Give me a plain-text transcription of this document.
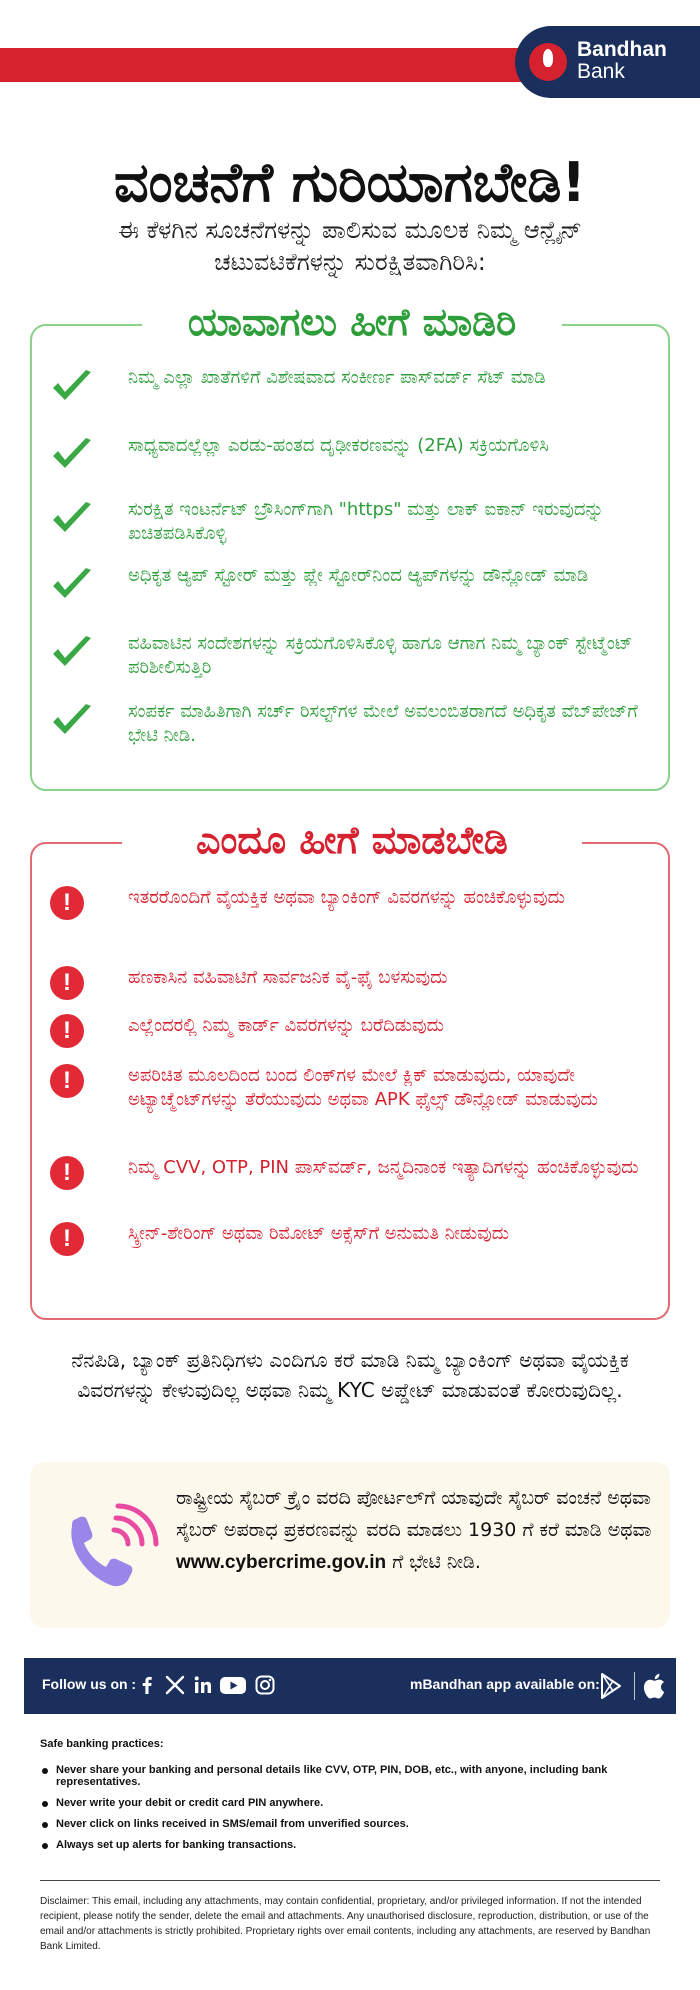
Bandhan
Bank
ವಂಚನೆಗೆ ಗುರಿಯಾಗಬೇಡಿ!
ಈ ಕೆಳಗಿನ ಸೂಚನೆಗಳನ್ನು ಪಾಲಿಸುವ ಮೂಲಕ ನಿಮ್ಮ ಆನ್ಲೈನ್ ಚಟುವಟಿಕೆಗಳನ್ನು ಸುರಕ್ಷಿತವಾಗಿರಿಸಿ:
ಯಾವಾಗಲು ಹೀಗೆ ಮಾಡಿರಿ
ನಿಮ್ಮ ಎಲ್ಲಾ ಖಾತೆಗಳಿಗೆ ವಿಶೇಷವಾದ ಸಂಕೀರ್ಣ ಪಾಸ್‌ವರ್ಡ್ ಸೆಟ್ ಮಾಡಿ
ಸಾಧ್ಯವಾದಲ್ಲೆಲ್ಲಾ ಎರಡು-ಹಂತದ ದೃಢೀಕರಣವನ್ನು (2FA) ಸಕ್ರಿಯಗೊಳಿಸಿ
ಸುರಕ್ಷಿತ ಇಂಟರ್ನೆಟ್ ಬ್ರೌಸಿಂಗ್‌ಗಾಗಿ "https" ಮತ್ತು ಲಾಕ್ ಐಕಾನ್ ಇರುವುದನ್ನು ಖಚಿತಪಡಿಸಿಕೊಳ್ಳಿ
ಅಧಿಕೃತ ಆ್ಯಪ್ ಸ್ಟೋರ್ ಮತ್ತು ಪ್ಲೇ ಸ್ಟೋರ್‌ನಿಂದ ಆ್ಯಪ್‌ಗಳನ್ನು ಡೌನ್ಲೋಡ್ ಮಾಡಿ
ವಹಿವಾಟಿನ ಸಂದೇಶಗಳನ್ನು ಸಕ್ರಿಯಗೊಳಿಸಿಕೊಳ್ಳಿ ಹಾಗೂ ಆಗಾಗ ನಿಮ್ಮ ಬ್ಯಾಂಕ್ ಸ್ಟೇಟ್ಮೆಂಟ್ ಪರಿಶೀಲಿಸುತ್ತಿರಿ
ಸಂಪರ್ಕ ಮಾಹಿತಿಗಾಗಿ ಸರ್ಚ್ ರಿಸಲ್ಟ್‌ಗಳ ಮೇಲೆ ಅವಲಂಬಿತರಾಗದೆ ಅಧಿಕೃತ ವೆಬ್‌ಪೇಜ್‌ಗೆ ಭೇಟಿ ನೀಡಿ.
ಎಂದೂ ಹೀಗೆ ಮಾಡಬೇಡಿ
!	ಇತರರೊಂದಿಗೆ ವೈಯಕ್ತಿಕ ಅಥವಾ ಬ್ಯಾಂಕಿಂಗ್ ವಿವರಗಳನ್ನು ಹಂಚಿಕೊಳ್ಳುವುದು
!	ಹಣಕಾಸಿನ ವಹಿವಾಟಿಗೆ ಸಾರ್ವಜನಿಕ ವೈ-ಫೈ ಬಳಸುವುದು
!	ಎಲ್ಲೆಂದರಲ್ಲಿ ನಿಮ್ಮ ಕಾರ್ಡ್ ವಿವರಗಳನ್ನು ಬರೆದಿಡುವುದು
!	ಅಪರಿಚಿತ ಮೂಲದಿಂದ ಬಂದ ಲಿಂಕ್‌ಗಳ ಮೇಲೆ ಕ್ಲಿಕ್ ಮಾಡುವುದು, ಯಾವುದೇ ಅಟ್ಯಾಚ್ಮೆಂಟ್‌ಗಳನ್ನು ತೆರೆಯುವುದು ಅಥವಾ APK ಫೈಲ್ಸ್ ಡೌನ್ಲೋಡ್ ಮಾಡುವುದು
!	ನಿಮ್ಮ CVV, OTP, PIN ಪಾಸ್‌ವರ್ಡ್, ಜನ್ಮದಿನಾಂಕ ಇತ್ಯಾದಿಗಳನ್ನು ಹಂಚಿಕೊಳ್ಳುವುದು
!	ಸ್ಕ್ರೀನ್-ಶೇರಿಂಗ್ ಅಥವಾ ರಿಮೋಟ್ ಅಕ್ಸೆಸ್‌ಗೆ ಅನುಮತಿ ನೀಡುವುದು
ನೆನಪಿಡಿ, ಬ್ಯಾಂಕ್ ಪ್ರತಿನಿಧಿಗಳು ಎಂದಿಗೂ ಕರೆ ಮಾಡಿ ನಿಮ್ಮ ಬ್ಯಾಂಕಿಂಗ್ ಅಥವಾ ವೈಯಕ್ತಿಕ ವಿವರಗಳನ್ನು ಕೇಳುವುದಿಲ್ಲ ಅಥವಾ ನಿಮ್ಮ KYC ಅಪ್ಡೇಟ್ ಮಾಡುವಂತೆ ಕೋರುವುದಿಲ್ಲ.
ರಾಷ್ಟ್ರೀಯ ಸೈಬರ್ ಕ್ರೈಂ ವರದಿ ಪೋರ್ಟಲ್‌ಗೆ ಯಾವುದೇ ಸೈಬರ್ ವಂಚನೆ ಅಥವಾ ಸೈಬರ್ ಅಪರಾಧ ಪ್ರಕರಣವನ್ನು ವರದಿ ಮಾಡಲು 1930 ಗೆ ಕರೆ ಮಾಡಿ ಅಥವಾ www.cybercrime.gov.in ಗೆ ಭೇಟಿ ನೀಡಿ.
Follow us on :	mBandhan app available on:
Safe banking practices:
Never share your banking and personal details like CVV, OTP, PIN, DOB, etc., with anyone, including bank representatives.
Never write your debit or credit card PIN anywhere.
Never click on links received in SMS/email from unverified sources.
Always set up alerts for banking transactions.
Disclaimer: This email, including any attachments, may contain confidential, proprietary, and/or privileged information. If not the intended recipient, please notify the sender, delete the email and attachments. Any unauthorised disclosure, reproduction, distribution, or use of the email and/or attachments is strictly prohibited. Proprietary rights over email contents, including any attachments, are reserved by Bandhan Bank Limited.
